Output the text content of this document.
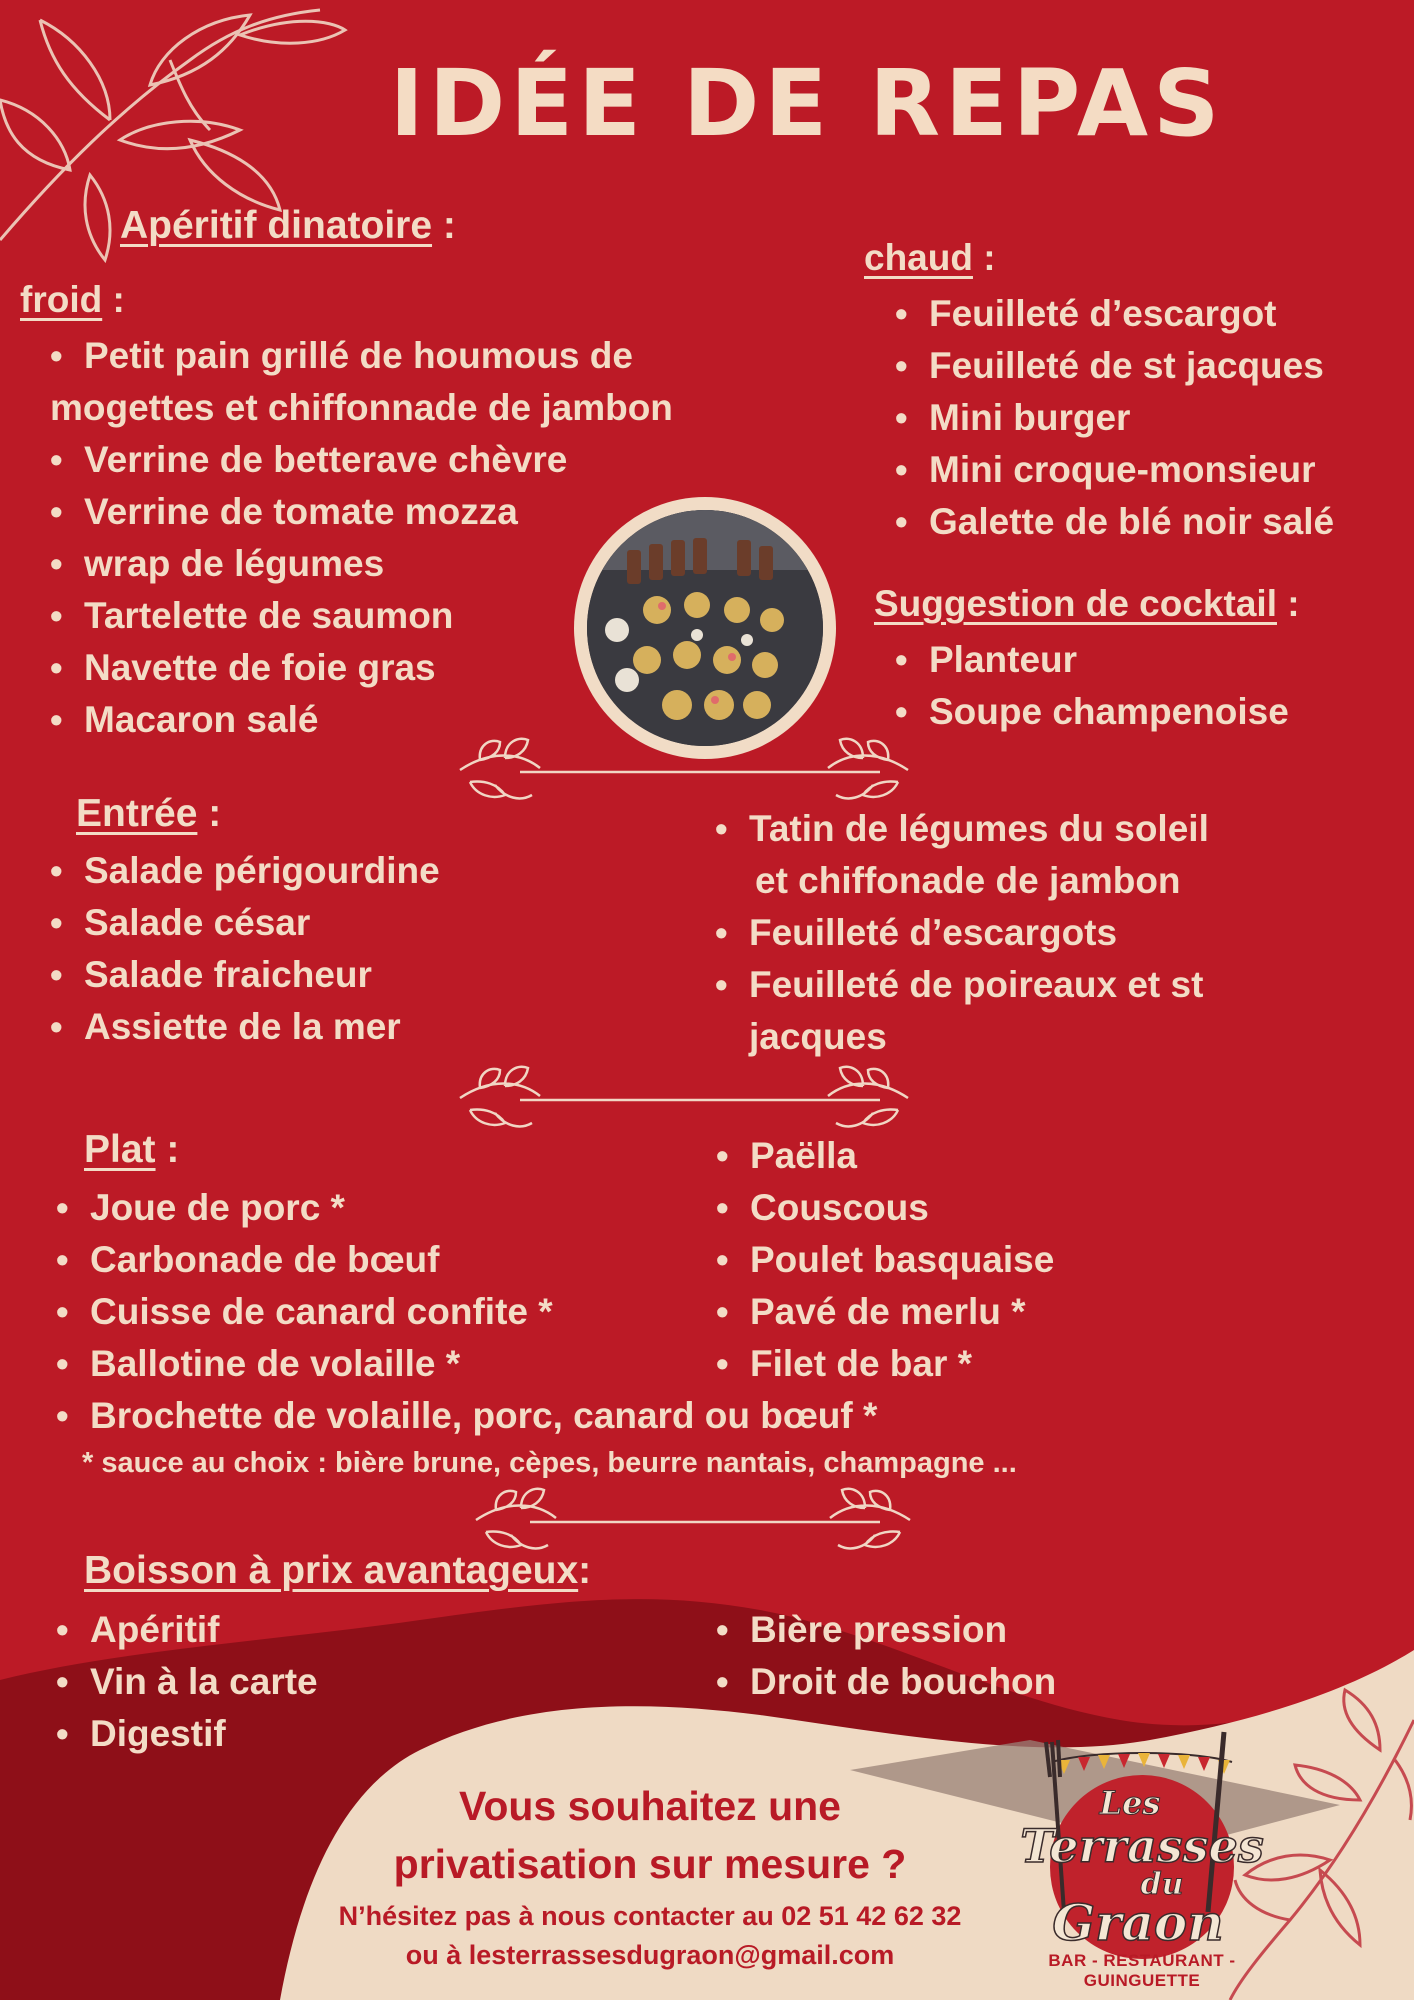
IDÉE DE REPAS
Apéritif dinatoire :
froid :
• Petit pain grillé de houmous de
mogettes et chiffonnade de jambon
• Verrine de betterave chèvre
• Verrine de tomate mozza
• wrap de légumes
• Tartelette de saumon
• Navette de foie gras
• Macaron salé
chaud :
• Feuilleté d’escargot
• Feuilleté de st jacques
• Mini burger
• Mini croque-monsieur
• Galette de blé noir salé
Suggestion de cocktail :
• Planteur
• Soupe champenoise
Entrée :
• Salade périgourdine
• Salade césar
• Salade fraicheur
• Assiette de la mer
• Tatin de légumes du soleil
et chiffonade de jambon
• Feuilleté d’escargots
• Feuilleté de poireaux et st
jacques
Plat :
• Joue de porc *
• Carbonade de bœuf
• Cuisse de canard confite *
• Ballotine de volaille *
• Brochette de volaille, porc, canard ou bœuf *
• Paëlla
• Couscous
• Poulet basquaise
• Pavé de merlu *
• Filet de bar *
* sauce au choix : bière brune, cèpes, beurre nantais, champagne ...
Boisson à prix avantageux:
• Apéritif
• Vin à la carte
• Digestif
• Bière pression
• Droit de bouchon
Vous souhaitez une
privatisation sur mesure ?
N’hésitez pas à nous contacter au 02 51 42 62 32
ou à lesterrassesdugraon@gmail.com
Les
Terrasses
du
Graon
BAR - RESTAURANT - GUINGUETTE
